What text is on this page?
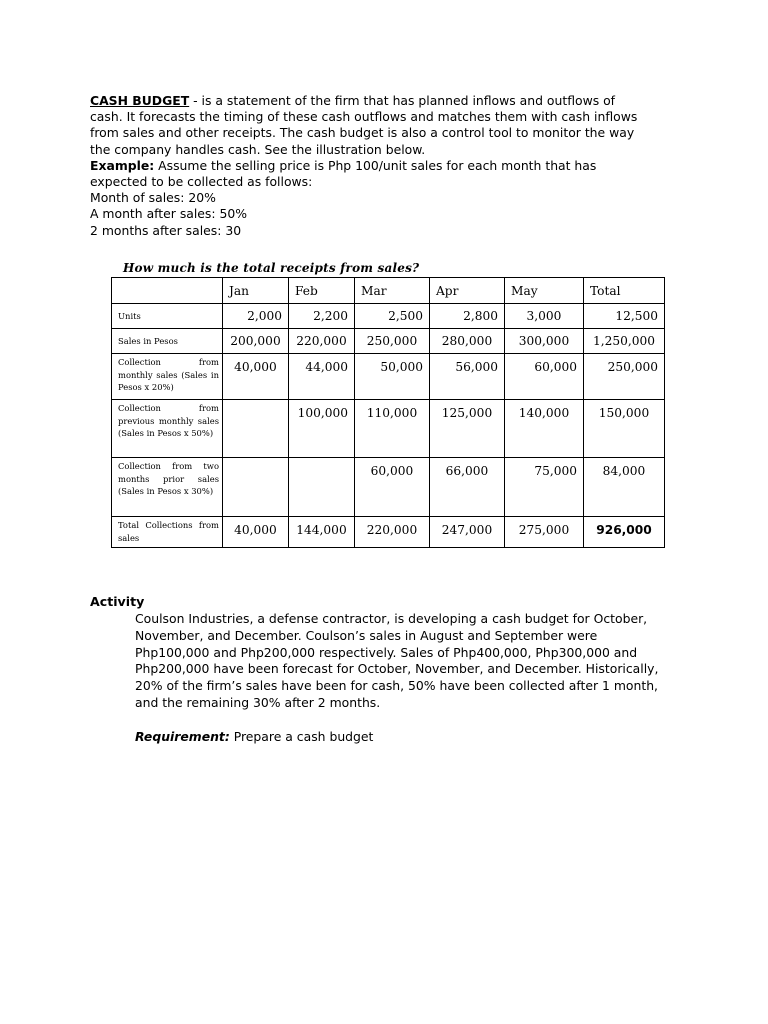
CASH BUDGET - is a statement of the firm that has planned inflows and outflows of cash. It forecasts the timing of these cash outflows and matches them with cash inflows from sales and other receipts. The cash budget is also a control tool to monitor the way the company handles cash. See the illustration below.

Example: Assume the selling price is Php 100/unit sales for each month that has expected to be collected as follows:

Month of sales: 20%

A month after sales: 50%

2 months after sales: 30

How much is the total receipts from sales?
	Jan	Feb	Mar	Apr	May	Total
Units	2,000	2,200	2,500	2,800	3,000	12,500
Sales in Pesos	200,000	220,000	250,000	280,000	300,000	1,250,000
Collection from monthly sales (Sales in Pesos x 20%)	40,000	44,000	50,000	56,000	60,000	250,000
Collection from previous monthly sales (Sales in Pesos x 50%)		100,000	110,000	125,000	140,000	150,000
Collection from two months prior sales (Sales in Pesos x 30%)			60,000	66,000	75,000	84,000
Total Collections from sales	40,000	144,000	220,000	247,000	275,000	926,000
Activity

Coulson Industries, a defense contractor, is developing a cash budget for October, November, and December. Coulson’s sales in August and September were Php100,000 and Php200,000 respectively. Sales of Php400,000, Php300,000 and Php200,000 have been forecast for October, November, and December. Historically, 20% of the firm’s sales have been for cash, 50% have been collected after 1 month, and the remaining 30% after 2 months.

Requirement: Prepare a cash budget
